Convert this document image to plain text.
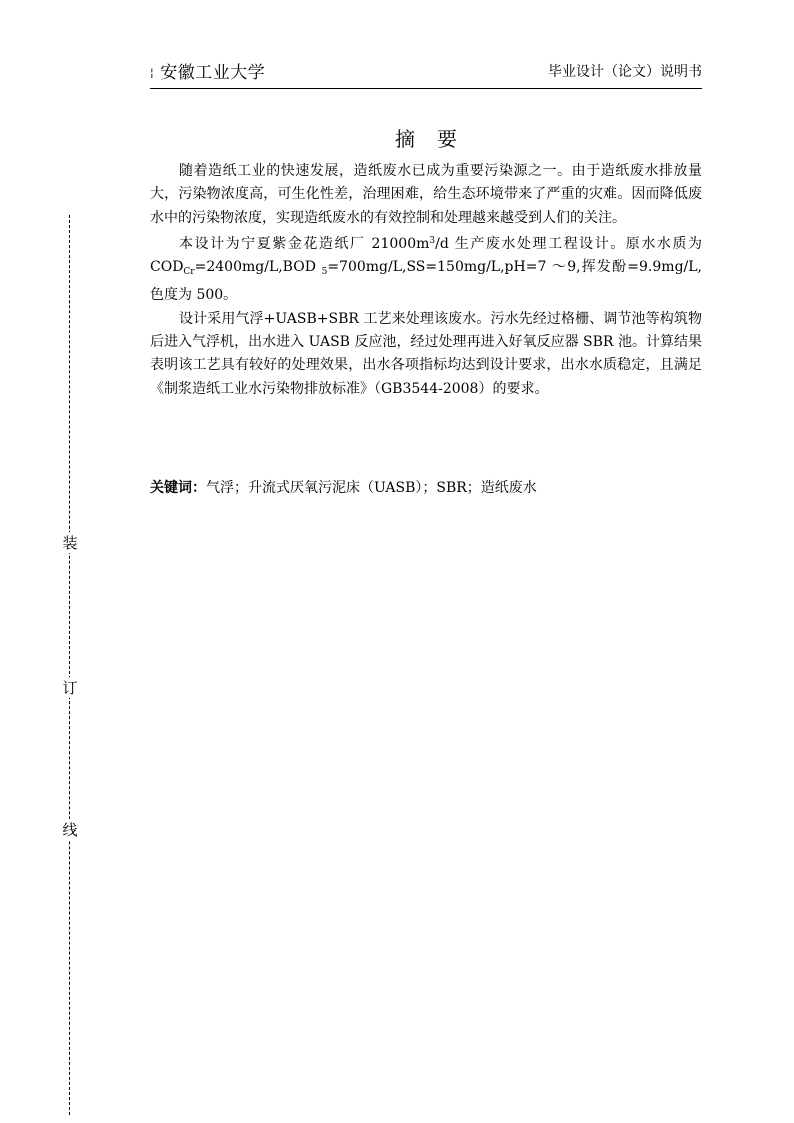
¦ 安徽工业大学	毕业设计（论文）说明书
摘要

随着造纸工业的快速发展，造纸废水已成为重要污染源之一。由于造纸废水排放量大，污染物浓度高，可生化性差，治理困难，给生态环境带来了严重的灾难。因而降低废水中的污染物浓度，实现造纸废水的有效控制和处理越来越受到人们的关注。

本设计为宁夏紫金花造纸厂 $21000m^3/d$ 生产废水处理工程设计。原水水质为 $COD_{Cr}=2400mg/L,BOD$ $_5$=700mg/L,SS=150mg/L,pH=7 ～9,挥发酚=9.9mg/L,色度为 500。

设计采用气浮+UASB+SBR 工艺来处理该废水。污水先经过格栅、调节池等构筑物后进入气浮机，出水进入 UASB 反应池，经过处理再进入好氧反应器 SBR 池。计算结果表明该工艺具有较好的处理效果，出水各项指标均达到设计要求，出水水质稳定，且满足《制浆造纸工业水污染物排放标准》（GB3544-2008）的要求。

关键词：气浮；升流式厌氧污泥床（UASB）；SBR；造纸废水
装
订
线
